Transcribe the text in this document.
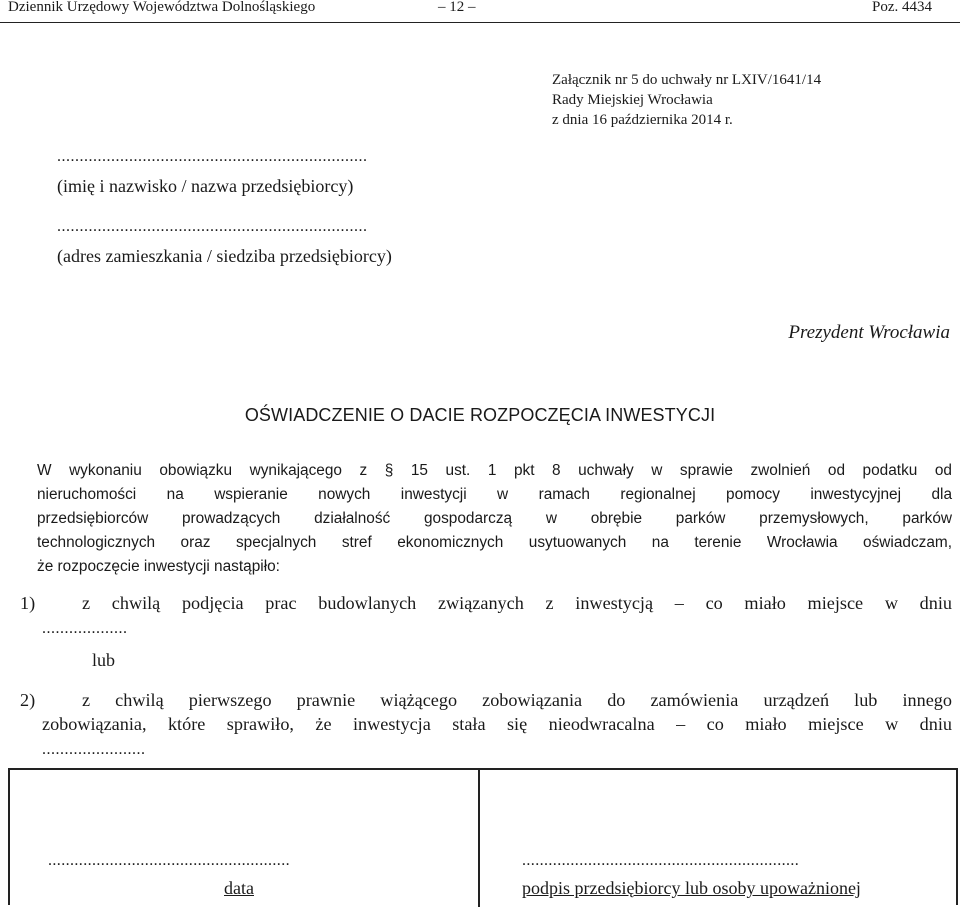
Dziennik Urzędowy Województwa Dolnośląskiego	– 12 –	Poz. 4434
Załącznik nr 5 do uchwały nr LXIV/1641/14
Rady Miejskiej Wrocławia
z dnia 16 października 2014 r.
.....................................................................
(imię i nazwisko / nazwa przedsiębiorcy)
.....................................................................
(adres zamieszkania / siedziba przedsiębiorcy)
Prezydent Wrocławia
OŚWIADCZENIE O DACIE ROZPOCZĘCIA INWESTYCJI
W wykonaniu obowiązku wynikającego z § 15 ust. 1 pkt 8 uchwały w sprawie zwolnień od podatku od
nieruchomości na wspieranie nowych inwestycji w ramach regionalnej pomocy inwestycyjnej dla
przedsiębiorców prowadzących działalność gospodarczą w obrębie parków przemysłowych, parków
technologicznych oraz specjalnych stref ekonomicznych usytuowanych na terenie Wrocławia oświadczam,
że rozpoczęcie inwestycji nastąpiło:
1)	z chwilą podjęcia prac budowlanych związanych z inwestycją – co miało miejsce w dniu
...................
lub
2)	z chwilą pierwszego prawnie wiążącego zobowiązania do zamówienia urządzeń lub innego
zobowiązania, które sprawiło, że inwestycja stała się nieodwracalna – co miało miejsce w dniu
.......................
.......................................................
data
...............................................................
podpis przedsiębiorcy lub osoby upoważnionej
